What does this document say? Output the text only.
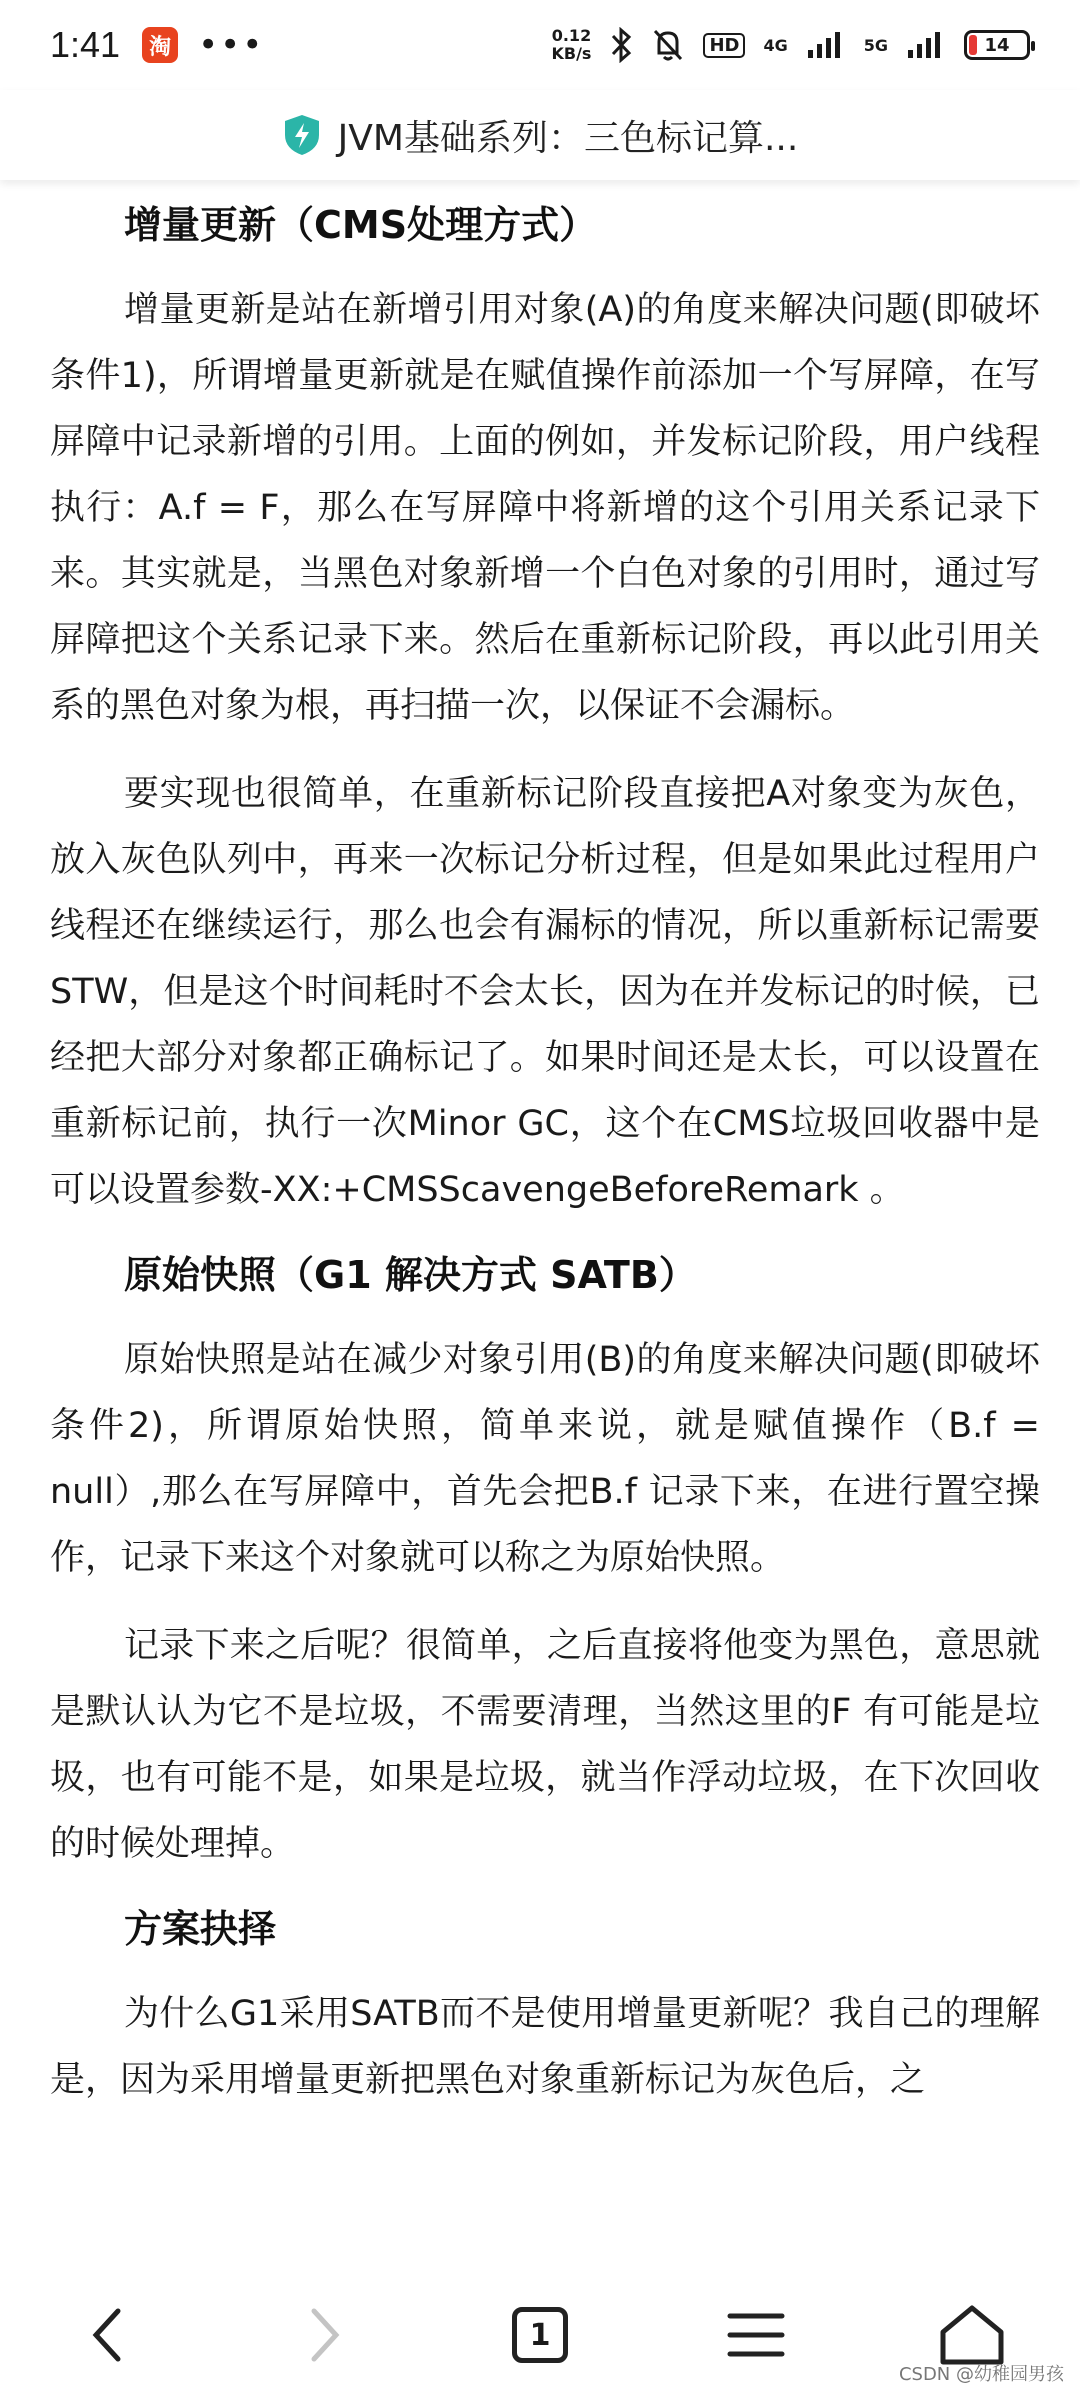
1:41	淘 •••	0.12
KB/s	HD	4G	5G	14
JVM基础系列：三色标记算...
增量更新（CMS处理方式）

增量更新是站在新增引用对象(A)的角度来解决问题(即破坏条件1)，所谓增量更新就是在赋值操作前添加一个写屏障，在写屏障中记录新增的引用。上面的例如，并发标记阶段，用户线程执行：A.f = F，那么在写屏障中将新增的这个引用关系记录下来。其实就是，当黑色对象新增一个白色对象的引用时，通过写屏障把这个关系记录下来。然后在重新标记阶段，再以此引用关系的黑色对象为根，再扫描一次，以保证不会漏标。

要实现也很简单，在重新标记阶段直接把A对象变为灰色，放入灰色队列中，再来一次标记分析过程，但是如果此过程用户线程还在继续运行，那么也会有漏标的情况，所以重新标记需要STW，但是这个时间耗时不会太长，因为在并发标记的时候，已经把大部分对象都正确标记了。如果时间还是太长，可以设置在重新标记前，执行一次Minor GC，这个在CMS垃圾回收器中是可以设置参数-XX:+CMSScavengeBeforeRemark 。

原始快照（G1 解决方式 SATB）

原始快照是站在减少对象引用(B)的角度来解决问题(即破坏条件2)，所谓原始快照，简单来说，就是赋值操作（B.f = null）,那么在写屏障中，首先会把B.f 记录下来，在进行置空操作，记录下来这个对象就可以称之为原始快照。

记录下来之后呢？很简单，之后直接将他变为黑色，意思就是默认认为它不是垃圾，不需要清理，当然这里的F 有可能是垃圾，也有可能不是，如果是垃圾，就当作浮动垃圾，在下次回收的时候处理掉。

方案抉择

为什么G1采用SATB而不是使用增量更新呢？我自己的理解是，因为采用增量更新把黑色对象重新标记为灰色后，之

1
CSDN @幼稚园男孩
